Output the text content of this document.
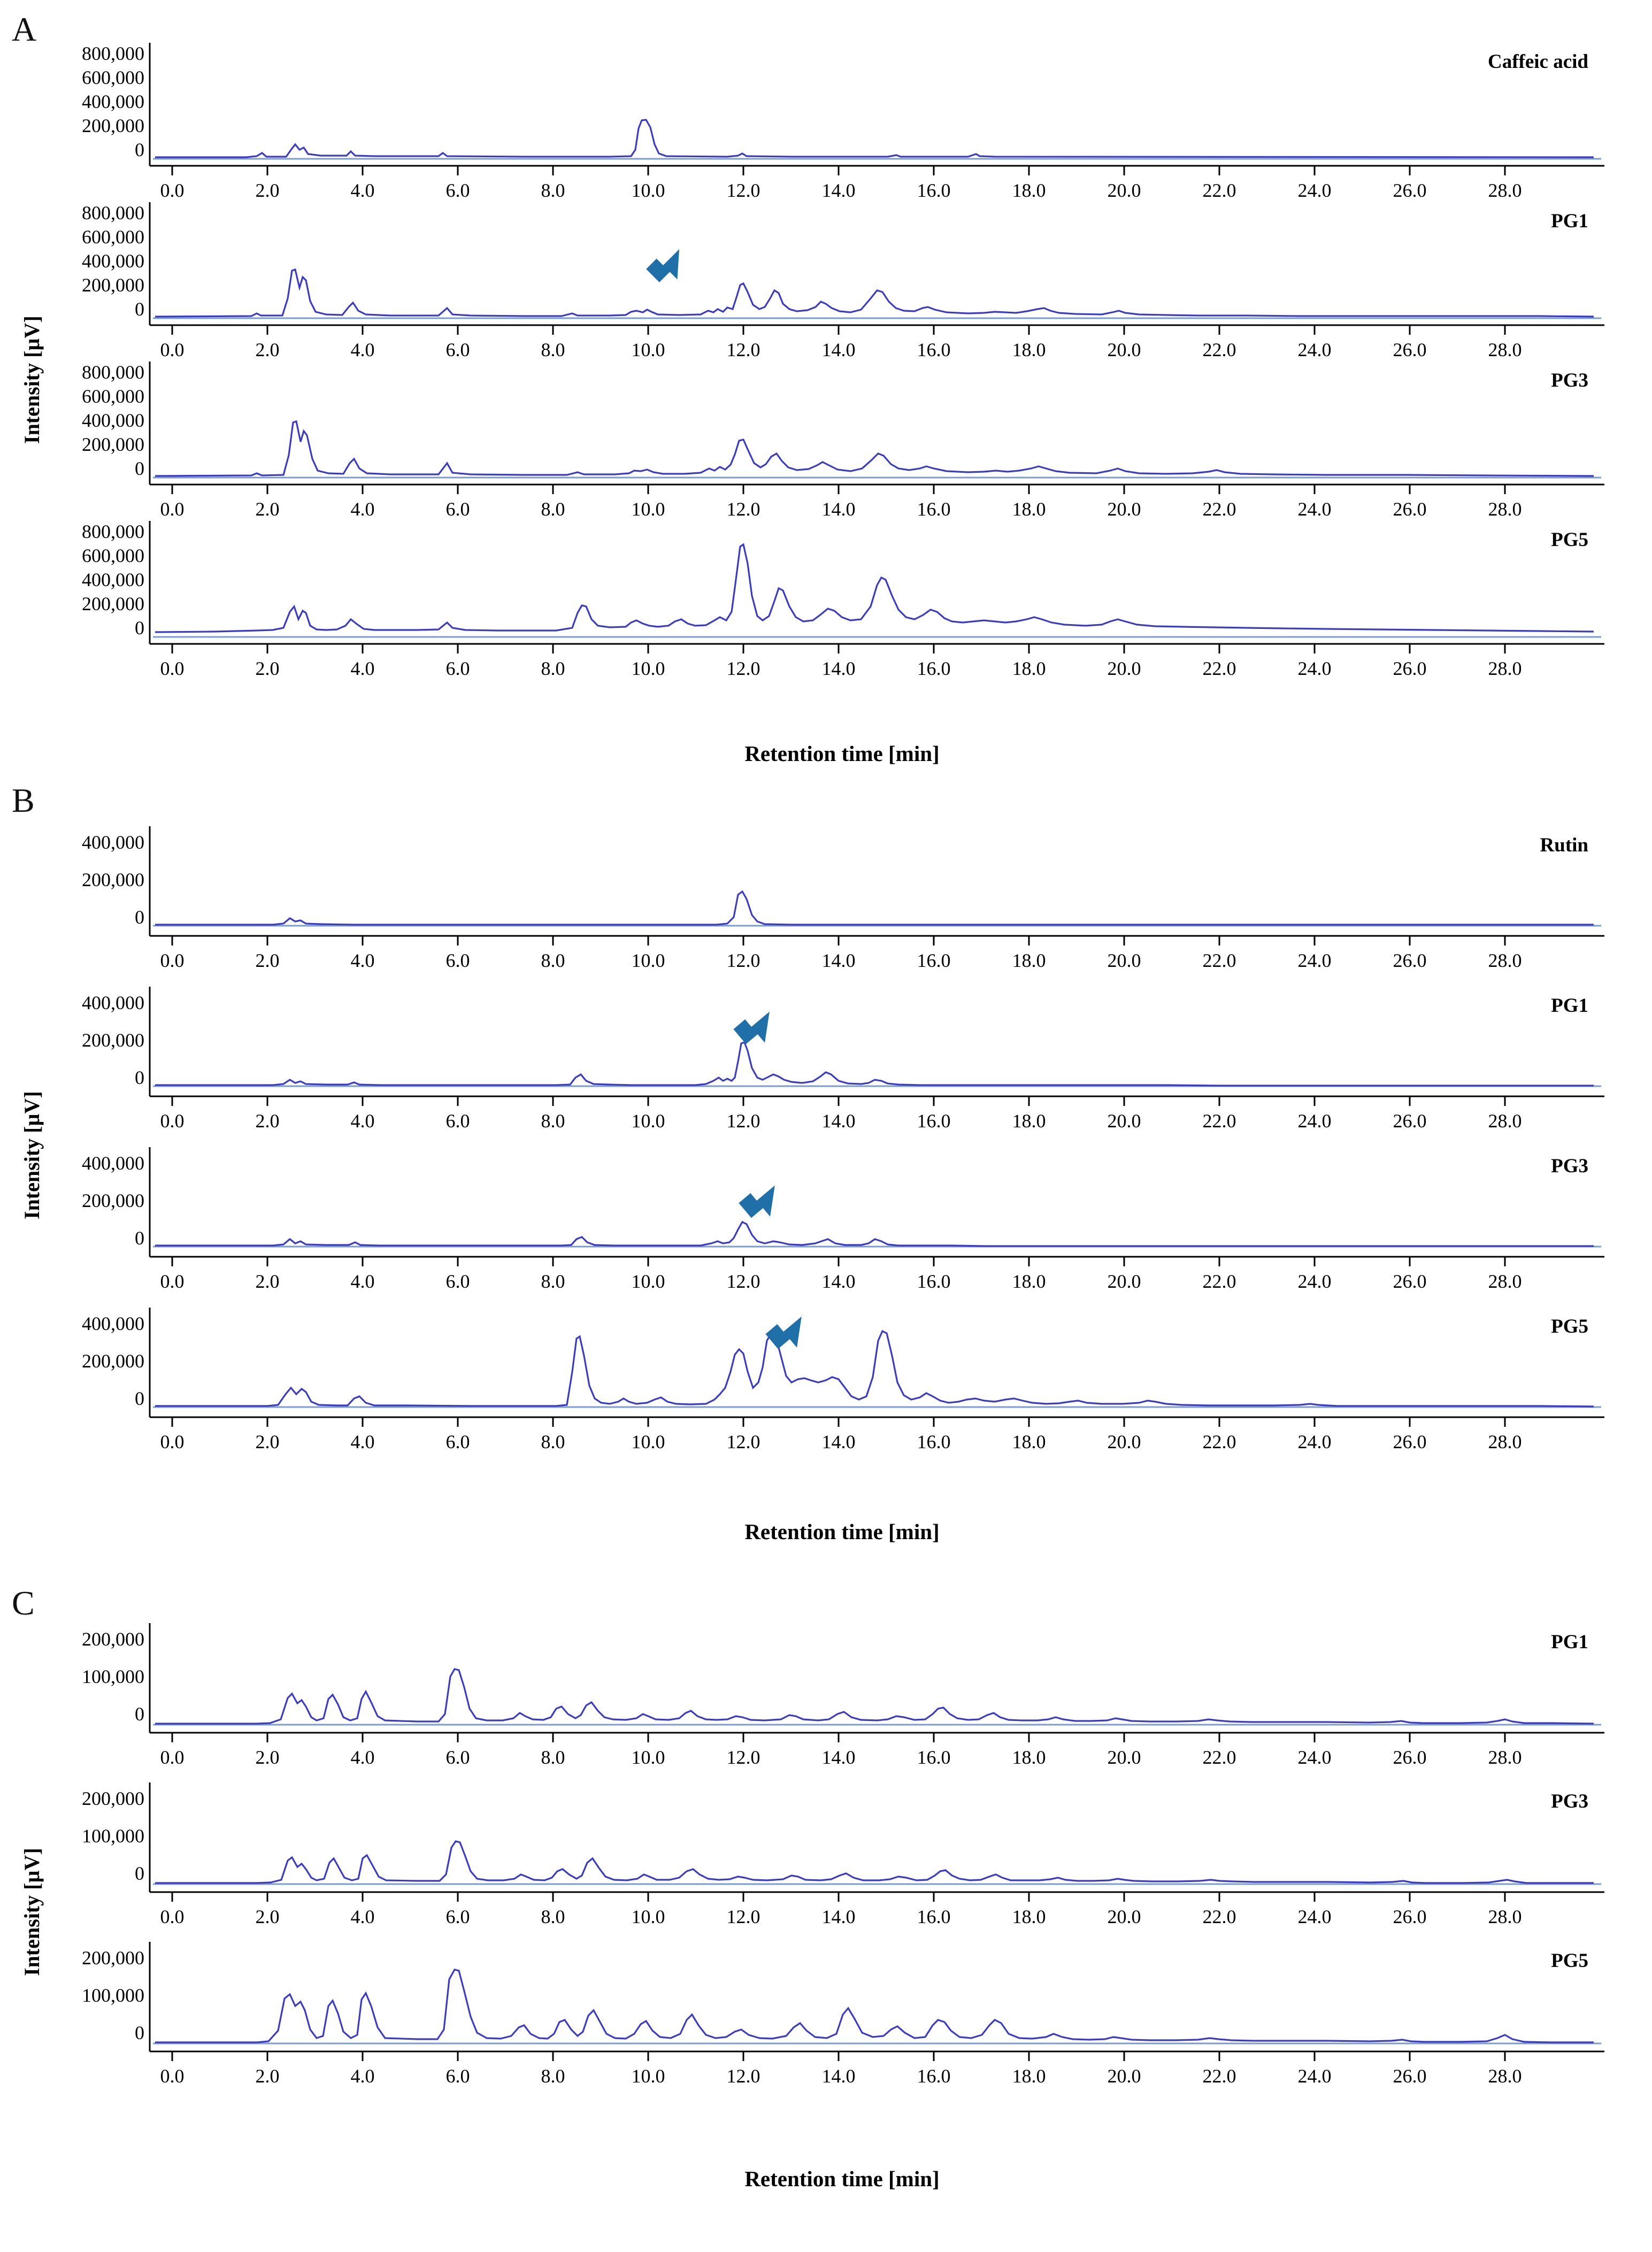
A
Intensity [µV]
800,000
600,000
400,000
200,000
0
0.0	2.0	4.0	6.0	8.0	10.0	12.0	14.0	16.0	18.0	20.0	22.0	24.0	26.0	28.0
Caffeic acid
800,000
600,000
400,000
200,000
0
0.0	2.0	4.0	6.0	8.0	10.0	12.0	14.0	16.0	18.0	20.0	22.0	24.0	26.0	28.0
PG1
800,000
600,000
400,000
200,000
0
0.0	2.0	4.0	6.0	8.0	10.0	12.0	14.0	16.0	18.0	20.0	22.0	24.0	26.0	28.0
PG3
800,000
600,000
400,000
200,000
0
0.0	2.0	4.0	6.0	8.0	10.0	12.0	14.0	16.0	18.0	20.0	22.0	24.0	26.0	28.0
PG5
Retention time [min]
B
Intensity [µV]
400,000
200,000
0
0.0	2.0	4.0	6.0	8.0	10.0	12.0	14.0	16.0	18.0	20.0	22.0	24.0	26.0	28.0
Rutin
400,000
200,000
0
0.0	2.0	4.0	6.0	8.0	10.0	12.0	14.0	16.0	18.0	20.0	22.0	24.0	26.0	28.0
PG1
400,000
200,000
0
0.0	2.0	4.0	6.0	8.0	10.0	12.0	14.0	16.0	18.0	20.0	22.0	24.0	26.0	28.0
PG3
400,000
200,000
0
0.0	2.0	4.0	6.0	8.0	10.0	12.0	14.0	16.0	18.0	20.0	22.0	24.0	26.0	28.0
PG5
Retention time [min]
C
Intensity [µV]
200,000
100,000
0
0.0	2.0	4.0	6.0	8.0	10.0	12.0	14.0	16.0	18.0	20.0	22.0	24.0	26.0	28.0
PG1
200,000
100,000
0
0.0	2.0	4.0	6.0	8.0	10.0	12.0	14.0	16.0	18.0	20.0	22.0	24.0	26.0	28.0
PG3
200,000
100,000
0
0.0	2.0	4.0	6.0	8.0	10.0	12.0	14.0	16.0	18.0	20.0	22.0	24.0	26.0	28.0
PG5
Retention time [min]
